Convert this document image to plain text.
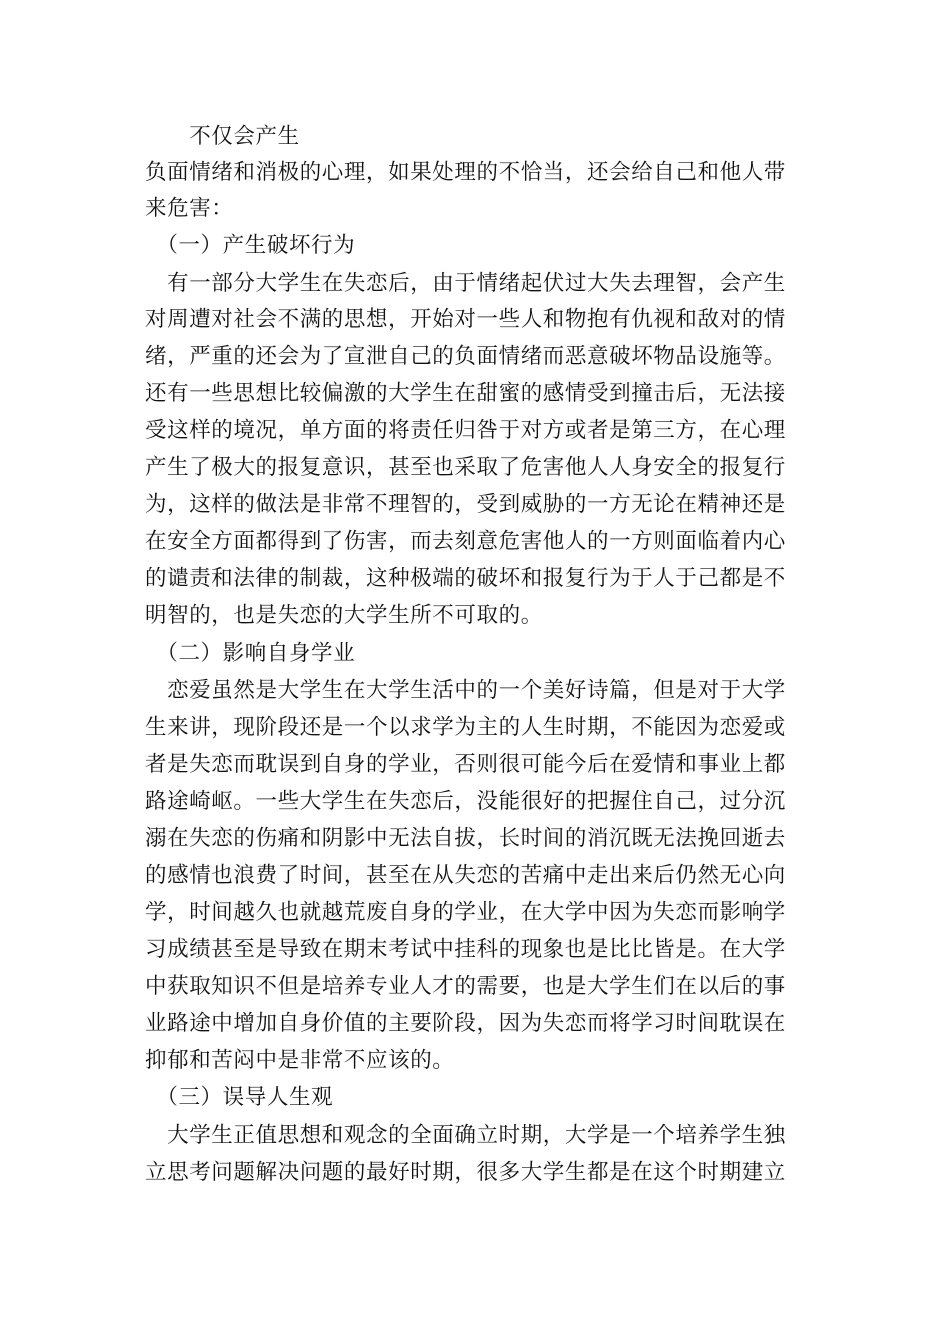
　　不仅会产生
负面情绪和消极的心理，如果处理的不恰当，还会给自己和他人带
来危害：
　（一）产生破坏行为
　有一部分大学生在失恋后，由于情绪起伏过大失去理智，会产生
对周遭对社会不满的思想，开始对一些人和物抱有仇视和敌对的情
绪，严重的还会为了宣泄自己的负面情绪而恶意破坏物品设施等。
还有一些思想比较偏激的大学生在甜蜜的感情受到撞击后，无法接
受这样的境况，单方面的将责任归咎于对方或者是第三方，在心理
产生了极大的报复意识，甚至也采取了危害他人人身安全的报复行
为，这样的做法是非常不理智的，受到威胁的一方无论在精神还是
在安全方面都得到了伤害，而去刻意危害他人的一方则面临着内心
的谴责和法律的制裁，这种极端的破坏和报复行为于人于己都是不
明智的，也是失恋的大学生所不可取的。
　（二）影响自身学业
　恋爱虽然是大学生在大学生活中的一个美好诗篇，但是对于大学
生来讲，现阶段还是一个以求学为主的人生时期，不能因为恋爱或
者是失恋而耽误到自身的学业，否则很可能今后在爱情和事业上都
路途崎岖。一些大学生在失恋后，没能很好的把握住自己，过分沉
溺在失恋的伤痛和阴影中无法自拔，长时间的消沉既无法挽回逝去
的感情也浪费了时间，甚至在从失恋的苦痛中走出来后仍然无心向
学，时间越久也就越荒废自身的学业，在大学中因为失恋而影响学
习成绩甚至是导致在期末考试中挂科的现象也是比比皆是。在大学
中获取知识不但是培养专业人才的需要，也是大学生们在以后的事
业路途中增加自身价值的主要阶段，因为失恋而将学习时间耽误在
抑郁和苦闷中是非常不应该的。
　（三）误导人生观
　大学生正值思想和观念的全面确立时期，大学是一个培养学生独
立思考问题解决问题的最好时期，很多大学生都是在这个时期建立
